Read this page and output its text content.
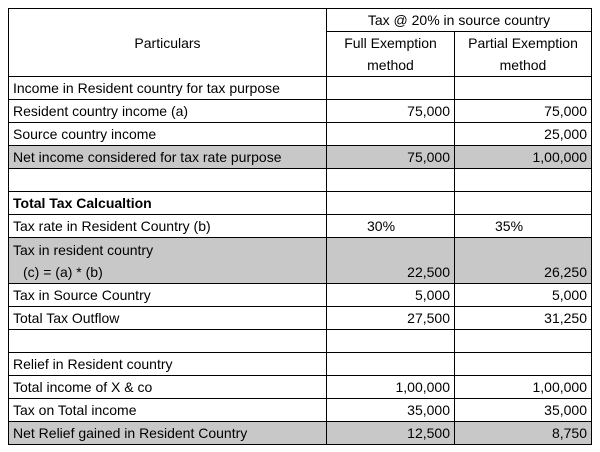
Particulars	Tax @ 20% in source country	
	Full Exemption	Partial Exemption
	method	method
Income in Resident country for tax purpose		
Resident country income (a)	75,000	75,000
Source country income		25,000
Net income considered for tax rate purpose	75,000	1,00,000

Total Tax Calcualtion		
Tax rate in Resident Country (b)	30%	35%

Tax in resident country
(c) = (a) * (b)	22,500	26,250
Tax in Source Country	5,000	5,000
Total Tax Outflow	27,500	31,250

Relief in Resident country		
Total income of X & co	1,00,000	1,00,000
Tax on Total income	35,000	35,000
Net Relief gained in Resident Country	12,500	8,750
